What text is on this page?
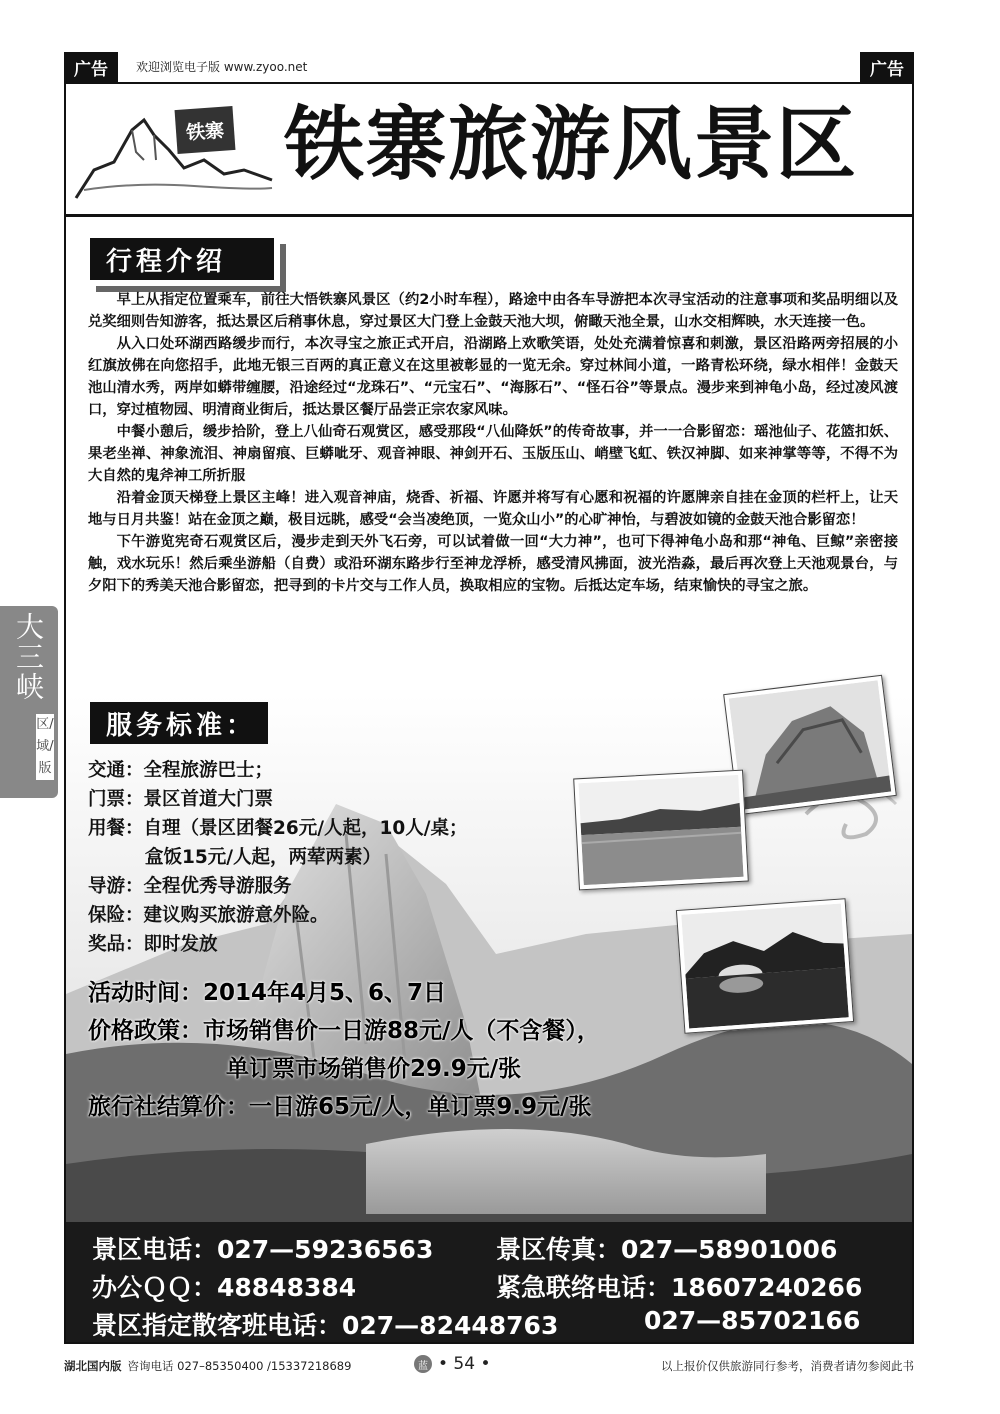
广告	欢迎浏览电子版 www.zyoo.net	广告
大三峡
区/域/版
铁寨 铁寨旅游风景区
行程介绍

早上从指定位置乘车，前往大悟铁寨风景区（约2小时车程），路途中由各车导游把本次寻宝活动的注意事项和奖品明细以及兑奖细则告知游客，抵达景区后稍事休息，穿过景区大门登上金鼓天池大坝，俯瞰天池全景，山水交相辉映，水天连接一色。

从入口处环湖西路缓步而行，本次寻宝之旅正式开启，沿湖路上欢歌笑语，处处充满着惊喜和刺激，景区沿路两旁招展的小红旗放佛在向您招手，此地无银三百两的真正意义在这里被彰显的一览无余。穿过林间小道，一路青松环绕，绿水相伴！金鼓天池山清水秀，两岸如蟒带缠腰，沿途经过“龙珠石”、“元宝石”、“海豚石”、“怪石谷”等景点。漫步来到神龟小岛，经过凌风渡口，穿过植物园、明清商业街后，抵达景区餐厅品尝正宗农家风味。

中餐小憩后，缓步拾阶，登上八仙奇石观赏区，感受那段“八仙降妖”的传奇故事，并一一合影留恋：瑶池仙子、花篮扣妖、果老坐禅、神象流泪、神扇留痕、巨蟒呲牙、观音神眼、神剑开石、玉版压山、峭壁飞虹、铁汉神脚、如来神掌等等，不得不为大自然的鬼斧神工所折服

沿着金顶天梯登上景区主峰！进入观音神庙，烧香、祈福、许愿并将写有心愿和祝福的许愿牌亲自挂在金顶的栏杆上，让天地与日月共鉴！站在金顶之巅，极目远眺，感受“会当凌绝顶，一览众山小”的心旷神怡，与碧波如镜的金鼓天池合影留恋！

下午游览宪奇石观赏区后，漫步走到天外飞石旁，可以试着做一回“大力神”，也可下得神龟小岛和那“神龟、巨鲸”亲密接触，戏水玩乐！然后乘坐游船（自费）或沿环湖东路步行至神龙浮桥，感受清风拂面，波光浩淼，最后再次登上天池观景台，与夕阳下的秀美天池合影留恋，把寻到的卡片交与工作人员，换取相应的宝物。后抵达定车场，结束愉快的寻宝之旅。

服务标准：
交通： 全程旅游巴士；
门票： 景区首道大门票
用餐： 自理（景区团餐26元/人起，10人/桌；
盒饭15元/人起，两荤两素）
导游： 全程优秀导游服务
保险： 建议购买旅游意外险。
奖品： 即时发放
活动时间：2014年4月5、6、7日
价格政策：市场销售价一日游88元/人（不含餐），
单订票市场销售价29.9元/张
旅行社结算价：一日游65元/人，单订票9.9元/张
景区电话：027—59236563	景区传真：027—58901006
办公ＱＱ：48848384	紧急联络电话：18607240266
景区指定散客班电话：027—82448763	027—85702166
湖北国内版 咨询电话 027–85350400 /15337218689	蓝 • 54 •	以上报价仅供旅游同行参考，消费者请勿参阅此书
